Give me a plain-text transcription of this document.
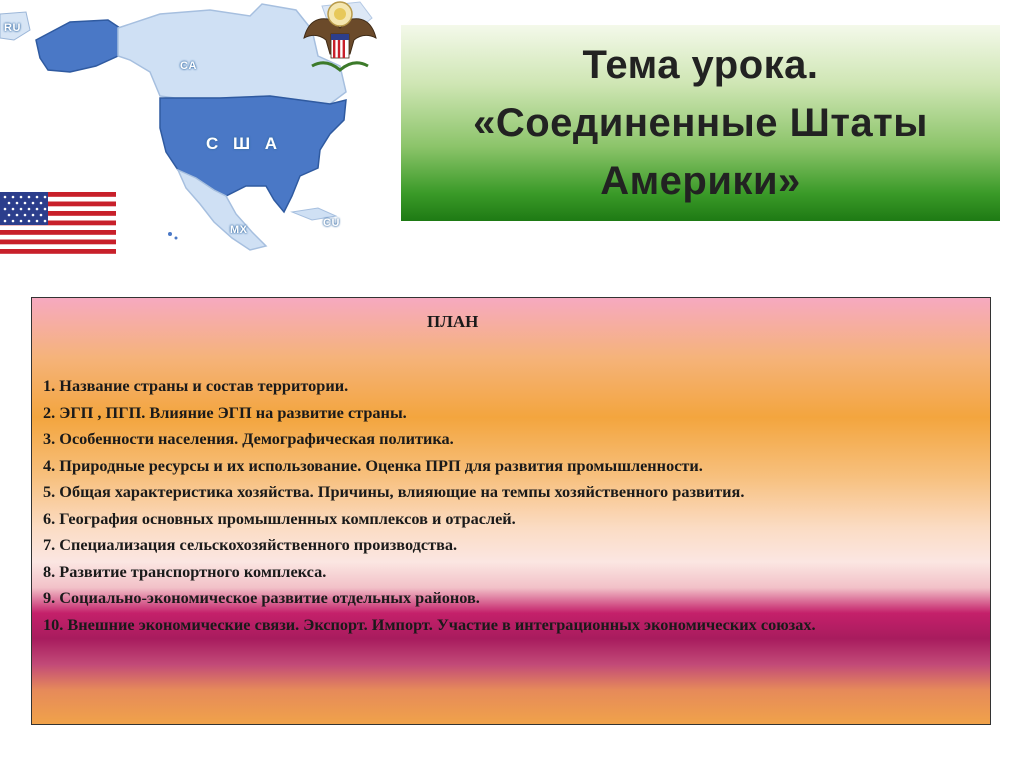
RU
CA
С Ш А
MX
CU
Тема урока.
«Соединенные Штаты
Америки»
ПЛАН
1. Название страны и состав территории.
2. ЭГП , ПГП. Влияние ЭГП на развитие страны.
3. Особенности населения. Демографическая политика.
4. Природные ресурсы и их использование. Оценка ПРП для развития промышленности.
5. Общая характеристика хозяйства. Причины, влияющие на темпы хозяйственного развития.
6. География основных промышленных комплексов и отраслей.
7. Специализация сельскохозяйственного производства.
8. Развитие транспортного комплекса.
9. Социально-экономическое развитие отдельных районов.
10. Внешние экономические связи. Экспорт. Импорт. Участие в интеграционных экономических союзах.
